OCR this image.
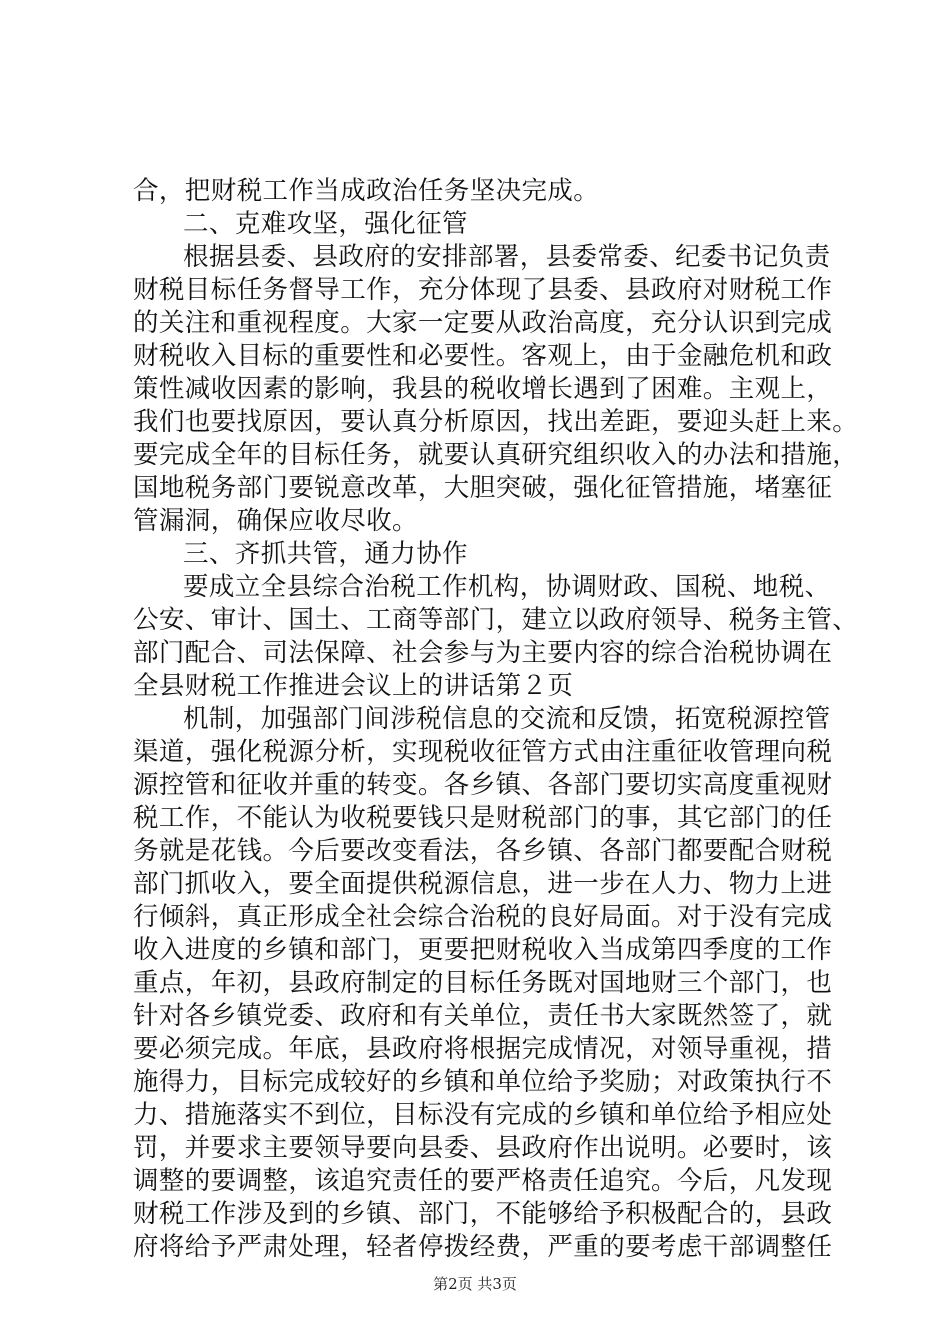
合，把财税工作当成政治任务坚决完成。
二、克难攻坚，强化征管
根据县委、县政府的安排部署，县委常委、纪委书记负责
财税目标任务督导工作，充分体现了县委、县政府对财税工作
的关注和重视程度。大家一定要从政治高度，充分认识到完成
财税收入目标的重要性和必要性。客观上，由于金融危机和政
策性减收因素的影响，我县的税收增长遇到了困难。主观上，
我们也要找原因，要认真分析原因，找出差距，要迎头赶上来。
要完成全年的目标任务，就要认真研究组织收入的办法和措施，
国地税务部门要锐意改革，大胆突破，强化征管措施，堵塞征
管漏洞，确保应收尽收。
三、齐抓共管，通力协作
要成立全县综合治税工作机构，协调财政、国税、地税、
公安、审计、国土、工商等部门，建立以政府领导、税务主管、
部门配合、司法保障、社会参与为主要内容的综合治税协调在
全县财税工作推进会议上的讲话第２页
机制，加强部门间涉税信息的交流和反馈，拓宽税源控管
渠道，强化税源分析，实现税收征管方式由注重征收管理向税
源控管和征收并重的转变。各乡镇、各部门要切实高度重视财
税工作，不能认为收税要钱只是财税部门的事，其它部门的任
务就是花钱。今后要改变看法，各乡镇、各部门都要配合财税
部门抓收入，要全面提供税源信息，进一步在人力、物力上进
行倾斜，真正形成全社会综合治税的良好局面。对于没有完成
收入进度的乡镇和部门，更要把财税收入当成第四季度的工作
重点，年初，县政府制定的目标任务既对国地财三个部门，也
针对各乡镇党委、政府和有关单位，责任书大家既然签了，就
要必须完成。年底，县政府将根据完成情况，对领导重视，措
施得力，目标完成较好的乡镇和单位给予奖励；对政策执行不
力、措施落实不到位，目标没有完成的乡镇和单位给予相应处
罚，并要求主要领导要向县委、县政府作出说明。必要时，该
调整的要调整，该追究责任的要严格责任追究。今后，凡发现
财税工作涉及到的乡镇、部门，不能够给予积极配合的，县政
府将给予严肃处理，轻者停拨经费，严重的要考虑干部调整任
第2页 共3页
